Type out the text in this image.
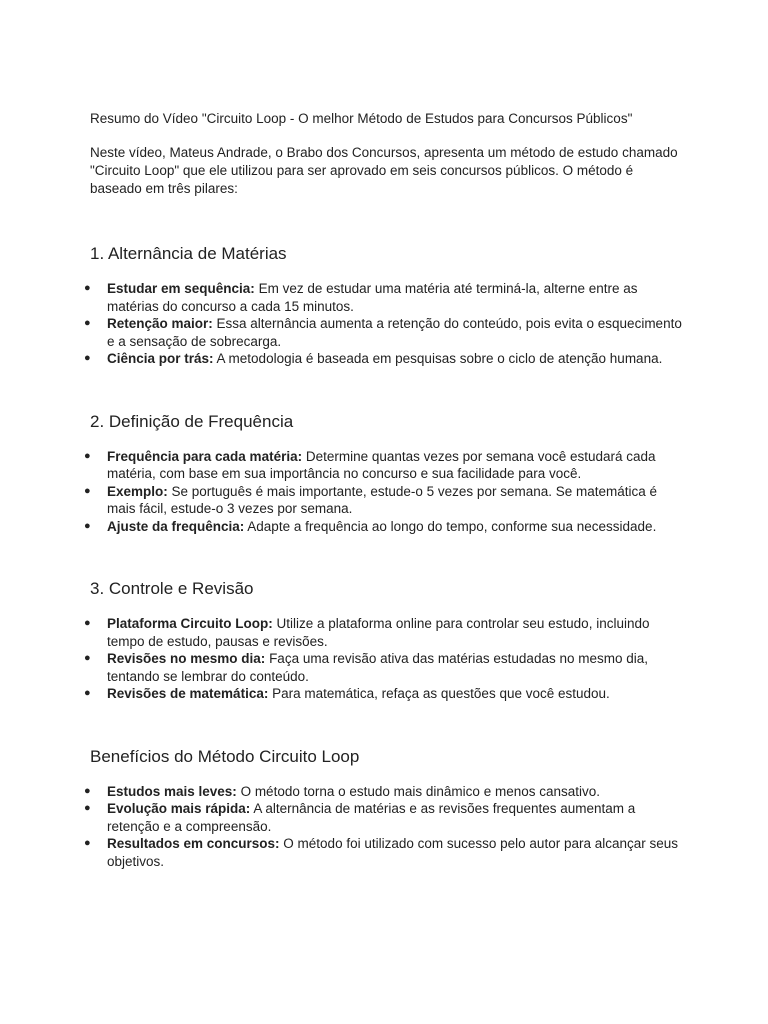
Resumo do Vídeo "Circuito Loop - O melhor Método de Estudos para Concursos Públicos"

Neste vídeo, Mateus Andrade, o Brabo dos Concursos, apresenta um método de estudo chamado "Circuito Loop" que ele utilizou para ser aprovado em seis concursos públicos. O método é baseado em três pilares:

1. Alternância de Matérias
● Estudar em sequência: Em vez de estudar uma matéria até terminá-la, alterne entre as matérias do concurso a cada 15 minutos.
● Retenção maior: Essa alternância aumenta a retenção do conteúdo, pois evita o esquecimento e a sensação de sobrecarga.
● Ciência por trás: A metodologia é baseada em pesquisas sobre o ciclo de atenção humana.
2. Definição de Frequência
● Frequência para cada matéria: Determine quantas vezes por semana você estudará cada matéria, com base em sua importância no concurso e sua facilidade para você.
● Exemplo: Se português é mais importante, estude-o 5 vezes por semana. Se matemática é mais fácil, estude-o 3 vezes por semana.
● Ajuste da frequência: Adapte a frequência ao longo do tempo, conforme sua necessidade.
3. Controle e Revisão
● Plataforma Circuito Loop: Utilize a plataforma online para controlar seu estudo, incluindo tempo de estudo, pausas e revisões.
● Revisões no mesmo dia: Faça uma revisão ativa das matérias estudadas no mesmo dia, tentando se lembrar do conteúdo.
● Revisões de matemática: Para matemática, refaça as questões que você estudou.
Benefícios do Método Circuito Loop
● Estudos mais leves: O método torna o estudo mais dinâmico e menos cansativo.
● Evolução mais rápida: A alternância de matérias e as revisões frequentes aumentam a retenção e a compreensão.
● Resultados em concursos: O método foi utilizado com sucesso pelo autor para alcançar seus objetivos.
